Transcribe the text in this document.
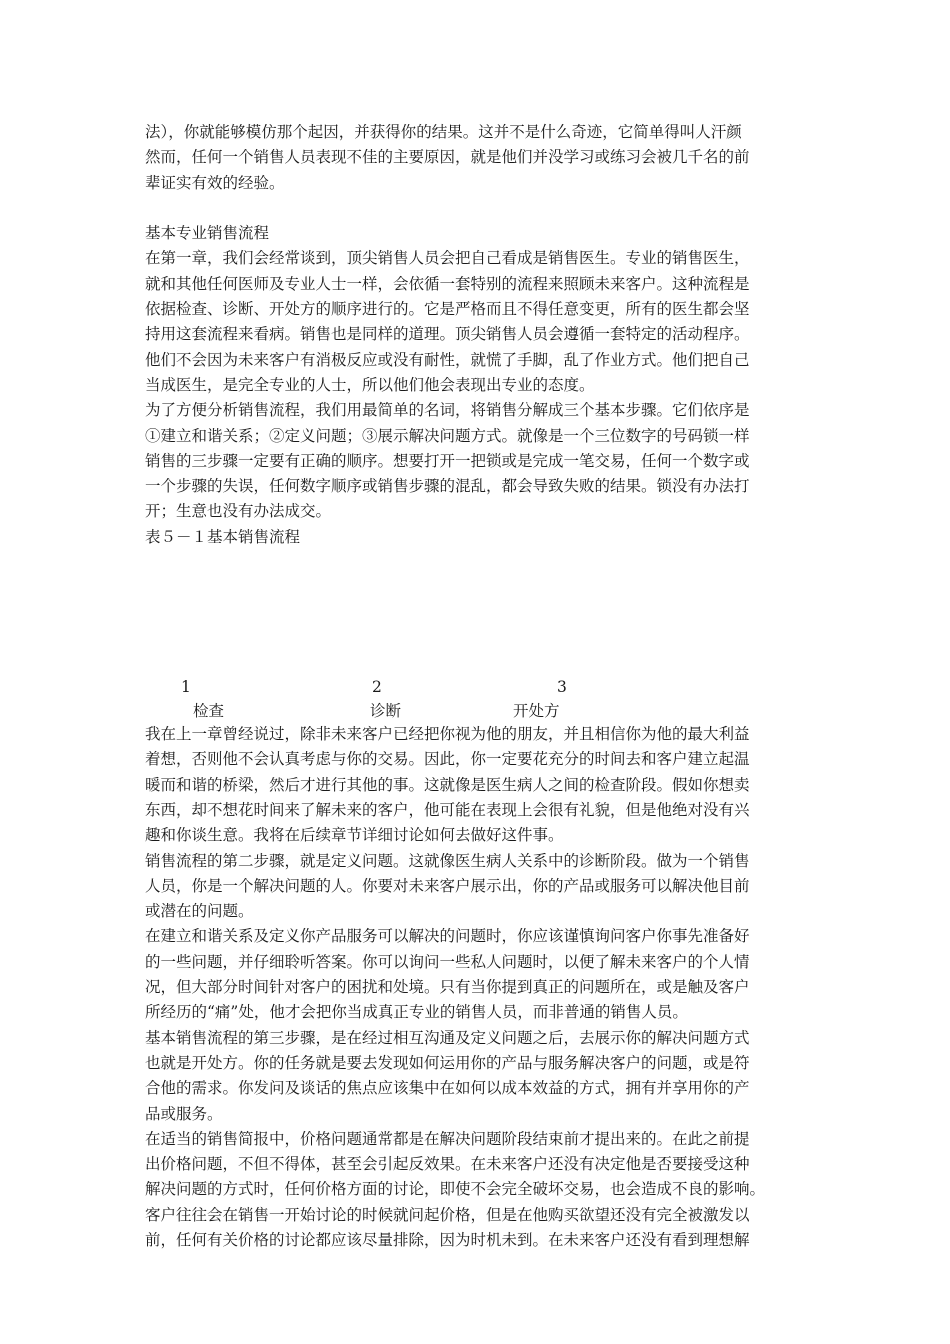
法），你就能够模仿那个起因，并获得你的结果。这并不是什么奇迹，它简单得叫人汗颜
然而，任何一个销售人员表现不佳的主要原因，就是他们并没学习或练习会被几千名的前
辈证实有效的经验。
基本专业销售流程
在第一章，我们会经常谈到，顶尖销售人员会把自己看成是销售医生。专业的销售医生，
就和其他任何医师及专业人士一样，会依循一套特别的流程来照顾未来客户。这种流程是
依据检查、诊断、开处方的顺序进行的。它是严格而且不得任意变更，所有的医生都会坚
持用这套流程来看病。销售也是同样的道理。顶尖销售人员会遵循一套特定的活动程序。
他们不会因为未来客户有消极反应或没有耐性，就慌了手脚，乱了作业方式。他们把自己
当成医生，是完全专业的人士，所以他们他会表现出专业的态度。
为了方便分析销售流程，我们用最简单的名词，将销售分解成三个基本步骤。它们依序是
①建立和谐关系；②定义问题；③展示解决问题方式。就像是一个三位数字的号码锁一样
销售的三步骤一定要有正确的顺序。想要打开一把锁或是完成一笔交易，任何一个数字或
一个步骤的失误，任何数字顺序或销售步骤的混乱，都会导致失败的结果。锁没有办法打
开；生意也没有办法成交。
表５－１基本销售流程
1	2	3
检查	诊断	开处方
我在上一章曾经说过，除非未来客户已经把你视为他的朋友，并且相信你为他的最大利益
着想，否则他不会认真考虑与你的交易。因此，你一定要花充分的时间去和客户建立起温
暖而和谐的桥梁，然后才进行其他的事。这就像是医生病人之间的检查阶段。假如你想卖
东西，却不想花时间来了解未来的客户，他可能在表现上会很有礼貌，但是他绝对没有兴
趣和你谈生意。我将在后续章节详细讨论如何去做好这件事。
销售流程的第二步骤，就是定义问题。这就像医生病人关系中的诊断阶段。做为一个销售
人员，你是一个解决问题的人。你要对未来客户展示出，你的产品或服务可以解决他目前
或潜在的问题。
在建立和谐关系及定义你产品服务可以解决的问题时，你应该谨慎询问客户你事先准备好
的一些问题，并仔细聆听答案。你可以询问一些私人问题时，以便了解未来客户的个人情
况，但大部分时间针对客户的困扰和处境。只有当你提到真正的问题所在，或是触及客户
所经历的“痛”处，他才会把你当成真正专业的销售人员，而非普通的销售人员。
基本销售流程的第三步骤，是在经过相互沟通及定义问题之后，去展示你的解决问题方式
也就是开处方。你的任务就是要去发现如何运用你的产品与服务解决客户的问题，或是符
合他的需求。你发问及谈话的焦点应该集中在如何以成本效益的方式，拥有并享用你的产
品或服务。
在适当的销售简报中，价格问题通常都是在解决问题阶段结束前才提出来的。在此之前提
出价格问题，不但不得体，甚至会引起反效果。在未来客户还没有决定他是否要接受这种
解决问题的方式时，任何价格方面的讨论，即使不会完全破坏交易，也会造成不良的影响。
客户往往会在销售一开始讨论的时候就问起价格，但是在他购买欲望还没有完全被激发以
前，任何有关价格的讨论都应该尽量排除，因为时机未到。在未来客户还没有看到理想解
